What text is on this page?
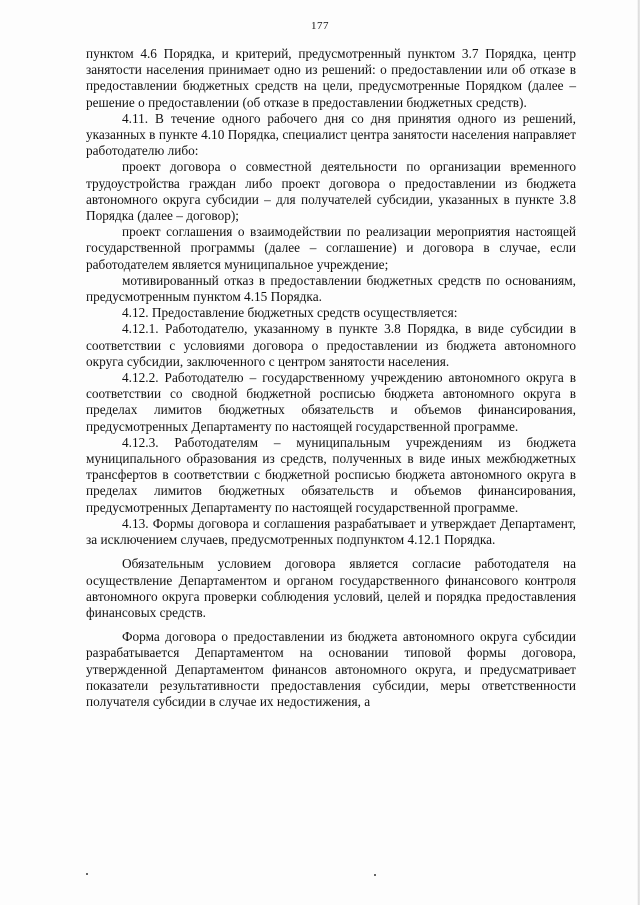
177

пунктом 4.6 Порядка, и критерий, предусмотренный пунктом 3.7 Порядка, центр занятости населения принимает одно из решений: о предоставлении или об отказе в предоставлении бюджетных средств на цели, предусмотренные Порядком (далее – решение о предоставлении (об отказе в предоставлении бюджетных средств).

4.11. В течение одного рабочего дня со дня принятия одного из решений, указанных в пункте 4.10 Порядка, специалист центра занятости населения направляет работодателю либо:

проект договора о совместной деятельности по организации временного трудоустройства граждан либо проект договора о предоставлении из бюджета автономного округа субсидии – для получателей субсидии, указанных в пункте 3.8 Порядка (далее – договор);

проект соглашения о взаимодействии по реализации мероприятия настоящей государственной программы (далее – соглашение) и договора в случае, если работодателем является муниципальное учреждение;

мотивированный отказ в предоставлении бюджетных средств по основаниям, предусмотренным пунктом 4.15 Порядка.

4.12. Предоставление бюджетных средств осуществляется:

4.12.1. Работодателю, указанному в пункте 3.8 Порядка, в виде субсидии в соответствии с условиями договора о предоставлении из бюджета автономного округа субсидии, заключенного с центром занятости населения.

4.12.2. Работодателю – государственному учреждению автономного округа в соответствии со сводной бюджетной росписью бюджета автономного округа в пределах лимитов бюджетных обязательств и объемов финансирования, предусмотренных Департаменту по настоящей государственной программе.

4.12.3. Работодателям – муниципальным учреждениям из бюджета муниципального образования из средств, полученных в виде иных межбюджетных трансфертов в соответствии с бюджетной росписью бюджета автономного округа в пределах лимитов бюджетных обязательств и объемов финансирования, предусмотренных Департаменту по настоящей государственной программе.

4.13. Формы договора и соглашения разрабатывает и утверждает Департамент, за исключением случаев, предусмотренных подпунктом 4.12.1 Порядка.

Обязательным условием договора является согласие работодателя на осуществление Департаментом и органом государственного финансового контроля автономного округа проверки соблюдения условий, целей и порядка предоставления финансовых средств.

Форма договора о предоставлении из бюджета автономного округа субсидии разрабатывается Департаментом на основании типовой формы договора, утвержденной Департаментом финансов автономного округа, и предусматривает показатели результативности предоставления субсидии, меры ответственности получателя субсидии в случае их недостижения, а
